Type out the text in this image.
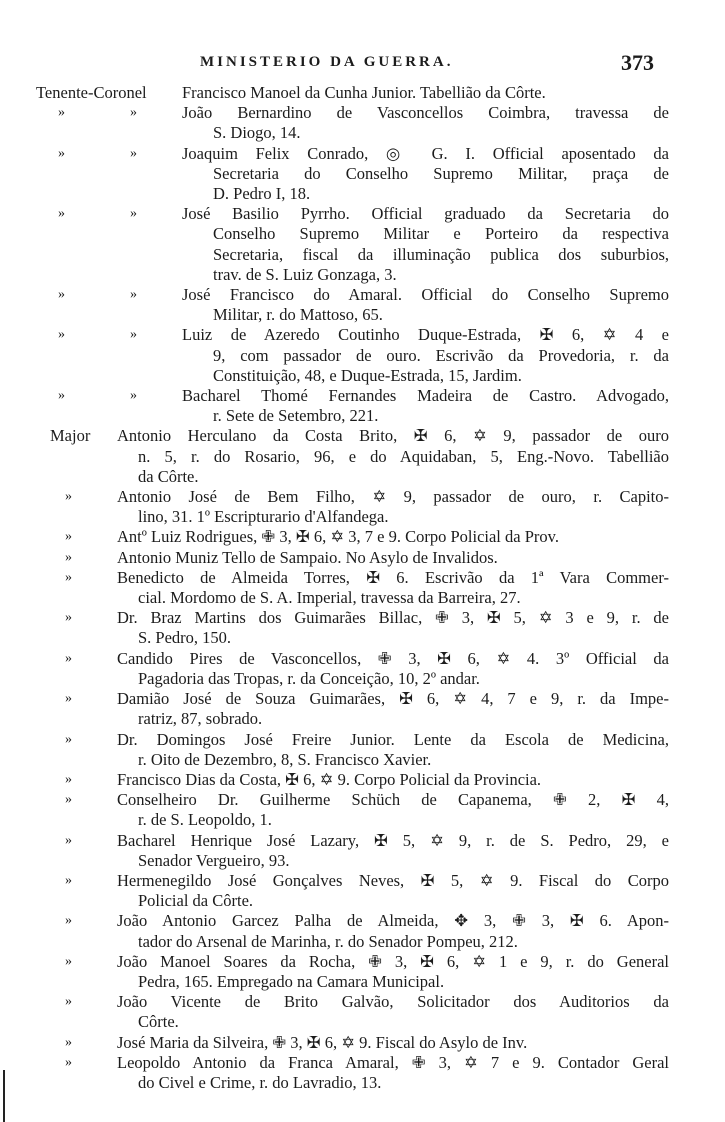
MINISTERIO DA GUERRA.	373
Tenente-Coronel Francisco Manoel da Cunha Junior. Tabellião da Côrte.
»	»	João Bernardino de Vasconcellos Coimbra, travessa de
S. Diogo, 14.
»	»	Joaquim Felix Conrado, ◎ G. I. Official aposentado da
Secretaria do Conselho Supremo Militar, praça de
D. Pedro I, 18.
»	»	José Basilio Pyrrho. Official graduado da Secretaria do
Conselho Supremo Militar e Porteiro da respectiva
Secretaria, fiscal da illuminação publica dos suburbios,
trav. de S. Luiz Gonzaga, 3.
»	»	José Francisco do Amaral. Official do Conselho Supremo
Militar, r. do Mattoso, 65.
»	»	Luiz de Azeredo Coutinho Duque-Estrada, ✠ 6, ✡ 4 e
9, com passador de ouro. Escrivão da Provedoria, r. da
Constituição, 48, e Duque-Estrada, 15, Jardim.
»	»	Bacharel Thomé Fernandes Madeira de Castro. Advogado,
r. Sete de Setembro, 221.
Major Antonio Herculano da Costa Brito, ✠ 6, ✡ 9, passador de ouro
n. 5, r. do Rosario, 96, e do Aquidaban, 5, Eng.-Novo. Tabellião
da Côrte.
»	Antonio José de Bem Filho, ✡ 9, passador de ouro, r. Capito-
lino, 31. 1º Escripturario d'Alfandega.
»	Antº Luiz Rodrigues, ✙ 3, ✠ 6, ✡ 3, 7 e 9. Corpo Policial da Prov.
»	Antonio Muniz Tello de Sampaio. No Asylo de Invalidos.
»	Benedicto de Almeida Torres, ✠ 6. Escrivão da 1ª Vara Commer-
cial. Mordomo de S. A. Imperial, travessa da Barreira, 27.
»	Dr. Braz Martins dos Guimarães Billac, ✙ 3, ✠ 5, ✡ 3 e 9, r. de
S. Pedro, 150.
»	Candido Pires de Vasconcellos, ✙ 3, ✠ 6, ✡ 4. 3º Official da
Pagadoria das Tropas, r. da Conceição, 10, 2º andar.
»	Damião José de Souza Guimarães, ✠ 6, ✡ 4, 7 e 9, r. da Impe-
ratriz, 87, sobrado.
»	Dr. Domingos José Freire Junior. Lente da Escola de Medicina,
r. Oito de Dezembro, 8, S. Francisco Xavier.
»	Francisco Dias da Costa, ✠ 6, ✡ 9. Corpo Policial da Provincia.
»	Conselheiro Dr. Guilherme Schüch de Capanema, ✙ 2, ✠ 4,
r. de S. Leopoldo, 1.
»	Bacharel Henrique José Lazary, ✠ 5, ✡ 9, r. de S. Pedro, 29, e
Senador Vergueiro, 93.
»	Hermenegildo José Gonçalves Neves, ✠ 5, ✡ 9. Fiscal do Corpo
Policial da Côrte.
»	João Antonio Garcez Palha de Almeida, ✥ 3, ✙ 3, ✠ 6. Apon-
tador do Arsenal de Marinha, r. do Senador Pompeu, 212.
»	João Manoel Soares da Rocha, ✙ 3, ✠ 6, ✡ 1 e 9, r. do General
Pedra, 165. Empregado na Camara Municipal.
»	João Vicente de Brito Galvão, Solicitador dos Auditorios da
Côrte.
»	José Maria da Silveira, ✙ 3, ✠ 6, ✡ 9. Fiscal do Asylo de Inv.
»	Leopoldo Antonio da Franca Amaral, ✙ 3, ✡ 7 e 9. Contador Geral
do Civel e Crime, r. do Lavradio, 13.
